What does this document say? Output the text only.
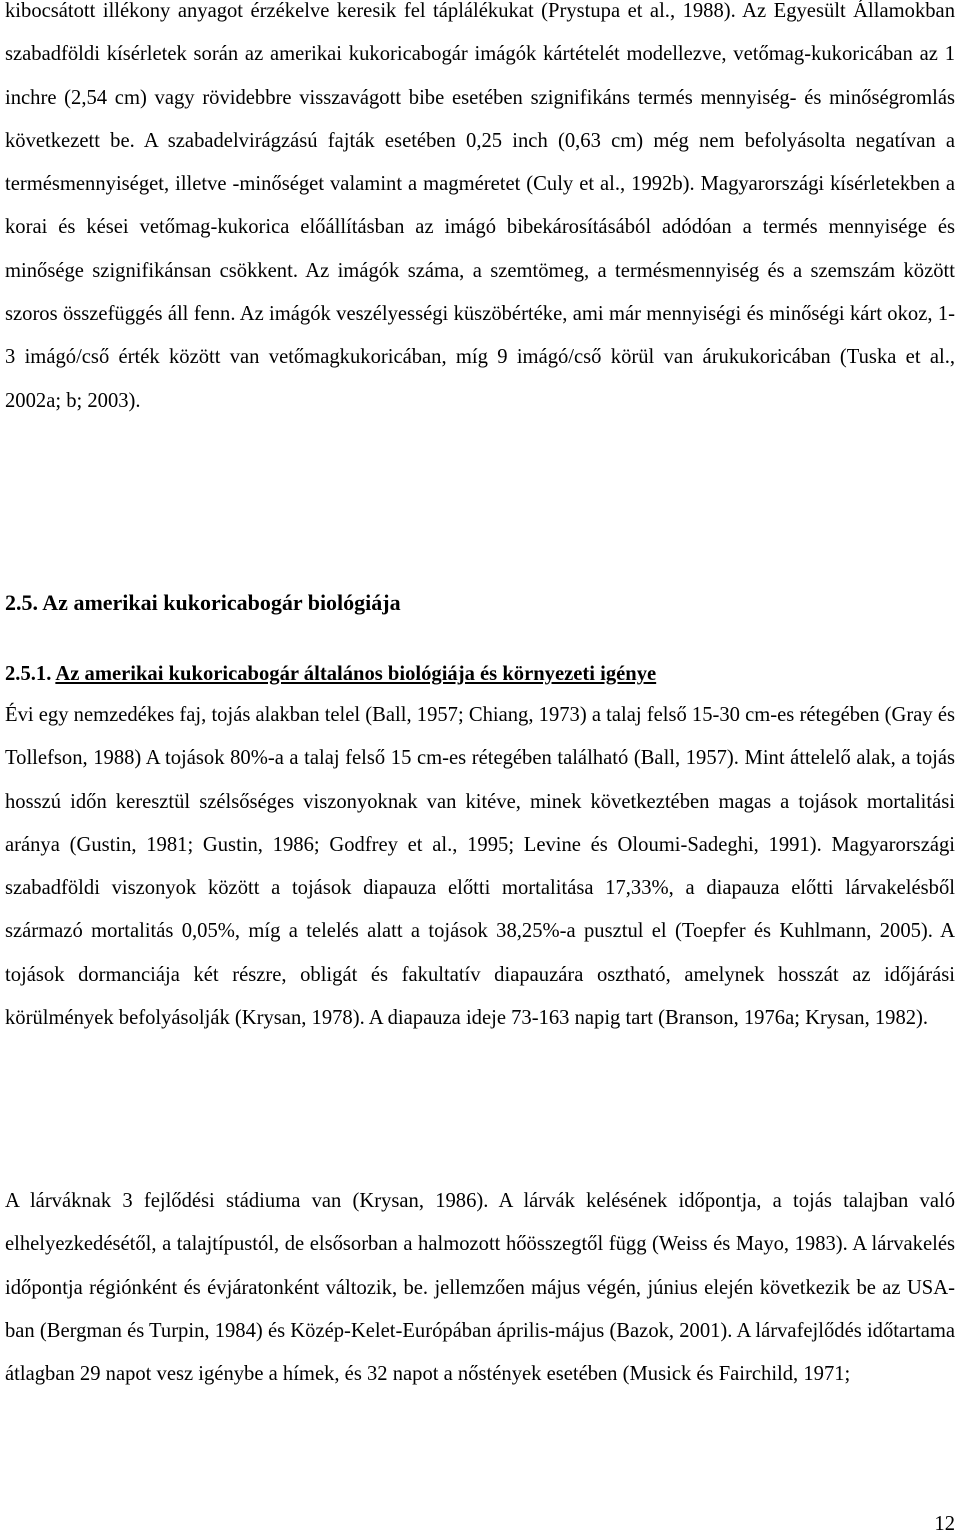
kibocsátott illékony anyagot érzékelve keresik fel táplálékukat (Prystupa et al., 1988). Az Egyesült Államokban szabadföldi kísérletek során az amerikai kukoricabogár imágók kártételét modellezve, vetőmag-kukoricában az 1 inchre (2,54 cm) vagy rövidebbre visszavágott bibe esetében szignifikáns termés mennyiség- és minőségromlás következett be. A szabadelvirágzású fajták esetében 0,25 inch (0,63 cm) még nem befolyásolta negatívan a termésmennyiséget, illetve -minőséget valamint a magméretet (Culy et al., 1992b). Magyarországi kísérletekben a korai és kései vetőmag-kukorica előállításban az imágó bibekárosításából adódóan a termés mennyisége és minősége szignifikánsan csökkent. Az imágók száma, a szemtömeg, a termésmennyiség és a szemszám között szoros összefüggés áll fenn. Az imágók veszélyességi küszöbértéke, ami már mennyiségi és minőségi kárt okoz, 1-3 imágó/cső érték között van vetőmagkukoricában, míg 9 imágó/cső körül van árukukoricában (Tuska et al., 2002a; b; 2003).

2.5. Az amerikai kukoricabogár biológiája
2.5.1. Az amerikai kukoricabogár általános biológiája és környezeti igénye

Évi egy nemzedékes faj, tojás alakban telel (Ball, 1957; Chiang, 1973) a talaj felső 15-30 cm-es rétegében (Gray és Tollefson, 1988) A tojások 80%-a a talaj felső 15 cm-es rétegében található (Ball, 1957). Mint áttelelő alak, a tojás hosszú időn keresztül szélsőséges viszonyoknak van kitéve, minek következtében magas a tojások mortalitási aránya (Gustin, 1981; Gustin, 1986; Godfrey et al., 1995; Levine és Oloumi-Sadeghi, 1991). Magyarországi szabadföldi viszonyok között a tojások diapauza előtti mortalitása 17,33%, a diapauza előtti lárvakelésből származó mortalitás 0,05%, míg a telelés alatt a tojások 38,25%-a pusztul el (Toepfer és Kuhlmann, 2005). A tojások dormanciája két részre, obligát és fakultatív diapauzára osztható, amelynek hosszát az időjárási körülmények befolyásolják (Krysan, 1978). A diapauza ideje 73-163 napig tart (Branson, 1976a; Krysan, 1982).

A lárváknak 3 fejlődési stádiuma van (Krysan, 1986). A lárvák kelésének időpontja, a tojás talajban való elhelyezkedésétől, a talajtípustól, de elsősorban a halmozott hőösszegtől függ (Weiss és Mayo, 1983). A lárvakelés időpontja régiónként és évjáratonként változik, be. jellemzően május végén, június elején következik be az USA-ban (Bergman és Turpin, 1984) és Közép-Kelet-Európában április-május (Bazok, 2001). A lárvafejlődés időtartama átlagban 29 napot vesz igénybe a hímek, és 32 napot a nőstények esetében (Musick és Fairchild, 1971;

12
